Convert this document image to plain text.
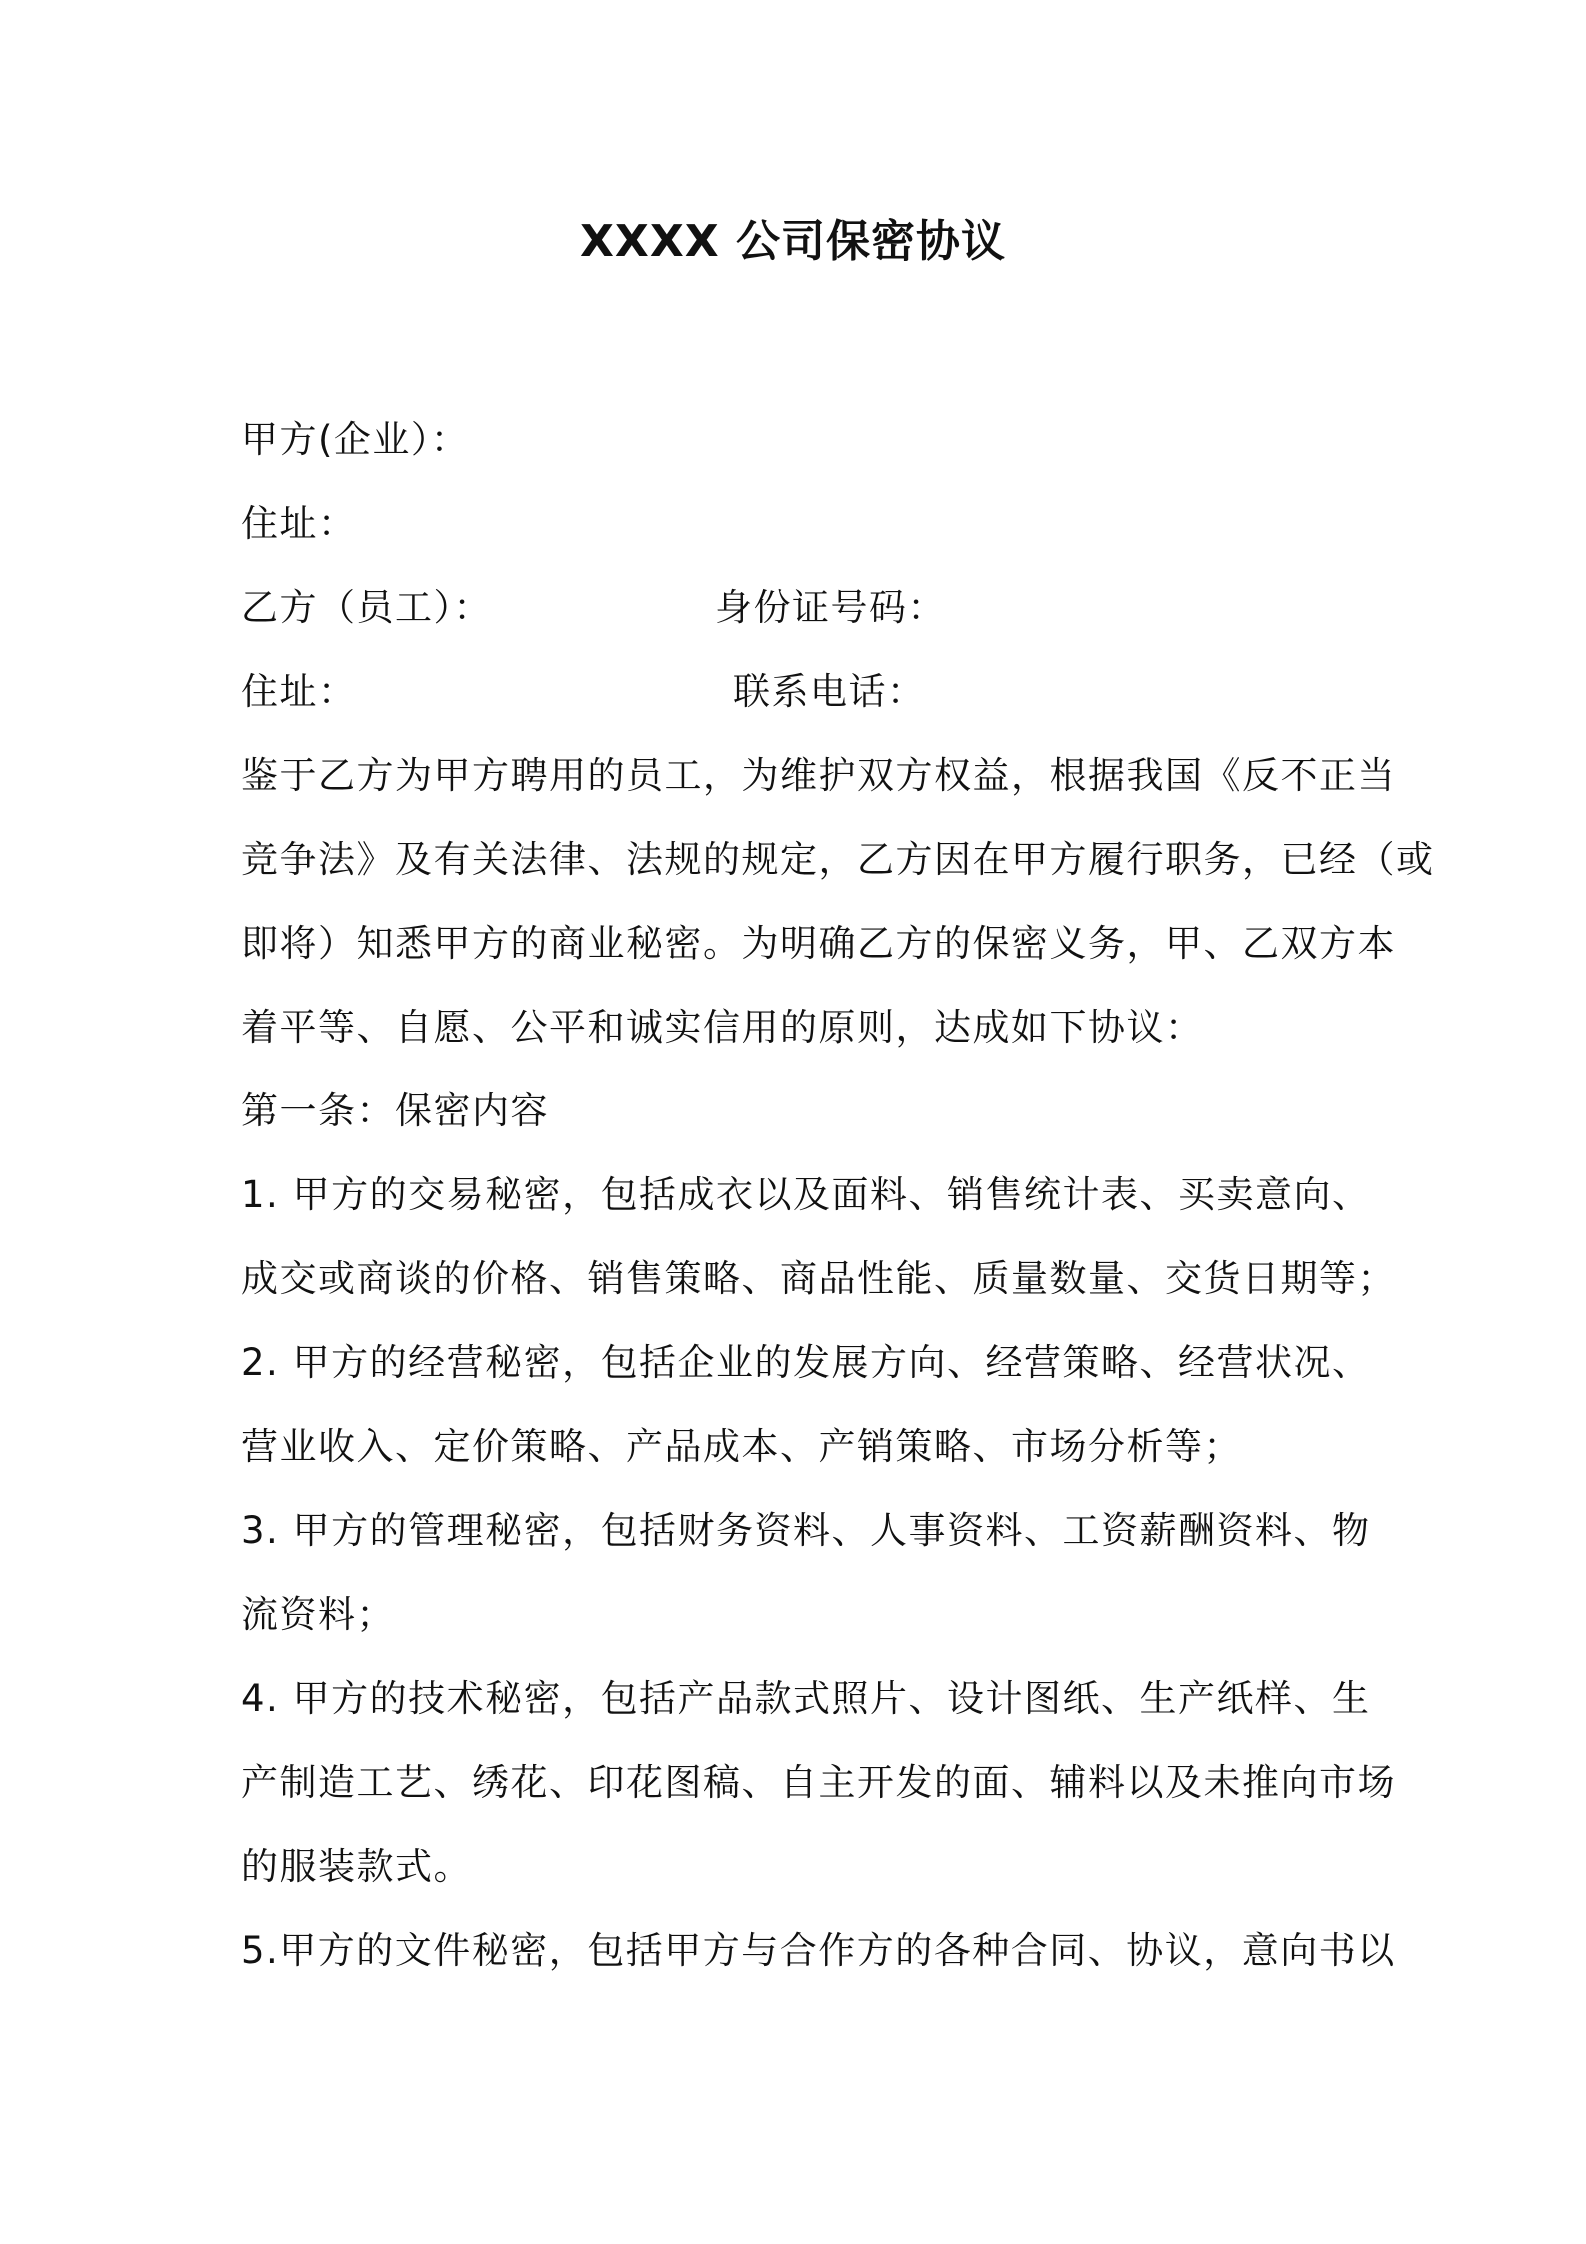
XXXX 公司保密协议
甲方(企业）：
住址：
乙方（员工）：	身份证号码：
住址：	联系电话：
鉴于乙方为甲方聘用的员工，为维护双方权益，根据我国《反不正当
竞争法》及有关法律、法规的规定，乙方因在甲方履行职务，已经（或
即将）知悉甲方的商业秘密。为明确乙方的保密义务，甲、乙双方本
着平等、自愿、公平和诚实信用的原则，达成如下协议：
第一条：保密内容
1. 甲方的交易秘密，包括成衣以及面料、销售统计表、买卖意向、
成交或商谈的价格、销售策略、商品性能、质量数量、交货日期等；
2. 甲方的经营秘密，包括企业的发展方向、经营策略、经营状况、
营业收入、定价策略、产品成本、产销策略、市场分析等；
3. 甲方的管理秘密，包括财务资料、人事资料、工资薪酬资料、物
流资料；
4. 甲方的技术秘密，包括产品款式照片、设计图纸、生产纸样、生
产制造工艺、绣花、印花图稿、自主开发的面、辅料以及未推向市场
的服装款式。
5.甲方的文件秘密，包括甲方与合作方的各种合同、协议，意向书以
